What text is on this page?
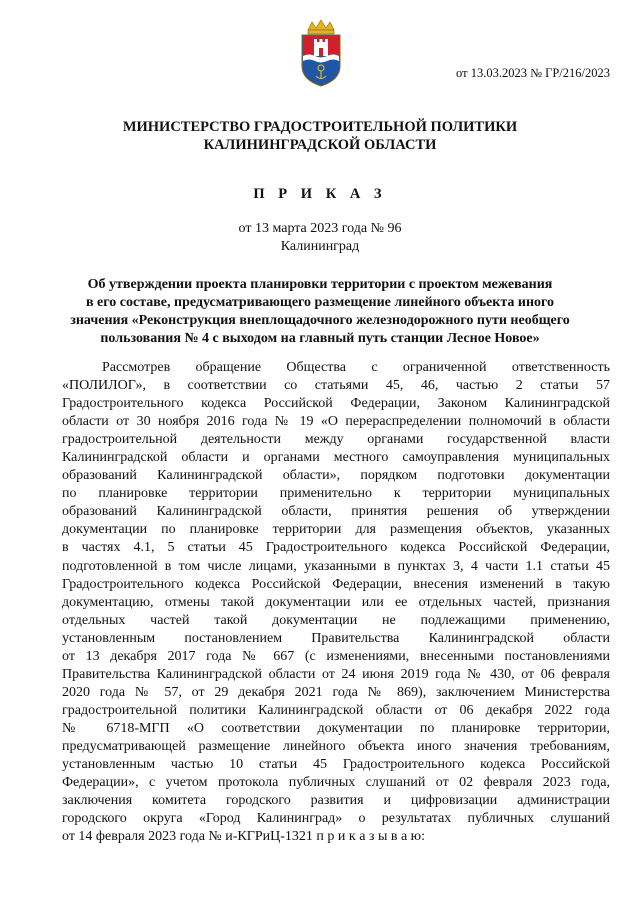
от 13.03.2023 № ГР/216/2023
МИНИСТЕРСТВО ГРАДОСТРОИТЕЛЬНОЙ ПОЛИТИКИ
КАЛИНИНГРАДСКОЙ ОБЛАСТИ
П Р И К А З
от 13 марта 2023 года № 96
Калининград
Об утверждении проекта планировки территории с проектом межевания
в его составе, предусматривающего размещение линейного объекта иного
значения «Реконструкция внеплощадочного железнодорожного пути необщего
пользования № 4 с выходом на главный путь станции Лесное Новое»
Рассмотрев обращение Общества с ограниченной ответственность
«ПОЛИЛОГ», в соответствии со статьями 45, 46, частью 2 статьи 57
Градостроительного кодекса Российской Федерации, Законом Калининградской
области от 30 ноября 2016 года № 19 «О перераспределении полномочий в области
градостроительной деятельности между органами государственной власти
Калининградской области и органами местного самоуправления муниципальных
образований Калининградской области», порядком подготовки документации
по планировке территории применительно к территории муниципальных
образований Калининградской области, принятия решения об утверждении
документации по планировке территории для размещения объектов, указанных
в частях 4.1, 5 статьи 45 Градостроительного кодекса Российской Федерации,
подготовленной в том числе лицами, указанными в пунктах 3, 4 части 1.1 статьи 45
Градостроительного кодекса Российской Федерации, внесения изменений в такую
документацию, отмены такой документации или ее отдельных частей, признания
отдельных частей такой документации не подлежащими применению,
установленным постановлением Правительства Калининградской области
от 13 декабря 2017 года № 667 (с изменениями, внесенными постановлениями
Правительства Калининградской области от 24 июня 2019 года № 430, от 06 февраля
2020 года № 57, от 29 декабря 2021 года № 869), заключением Министерства
градостроительной политики Калининградской области от 06 декабря 2022 года
№ 6718-МГП «О соответствии документации по планировке территории,
предусматривающей размещение линейного объекта иного значения требованиям,
установленным частью 10 статьи 45 Градостроительного кодекса Российской
Федерации», с учетом протокола публичных слушаний от 02 февраля 2023 года,
заключения комитета городского развития и цифровизации администрации
городского округа «Город Калининград» о результатах публичных слушаний
от 14 февраля 2023 года № и-КГРиЦ-1321 п р и к а з ы в а ю:
